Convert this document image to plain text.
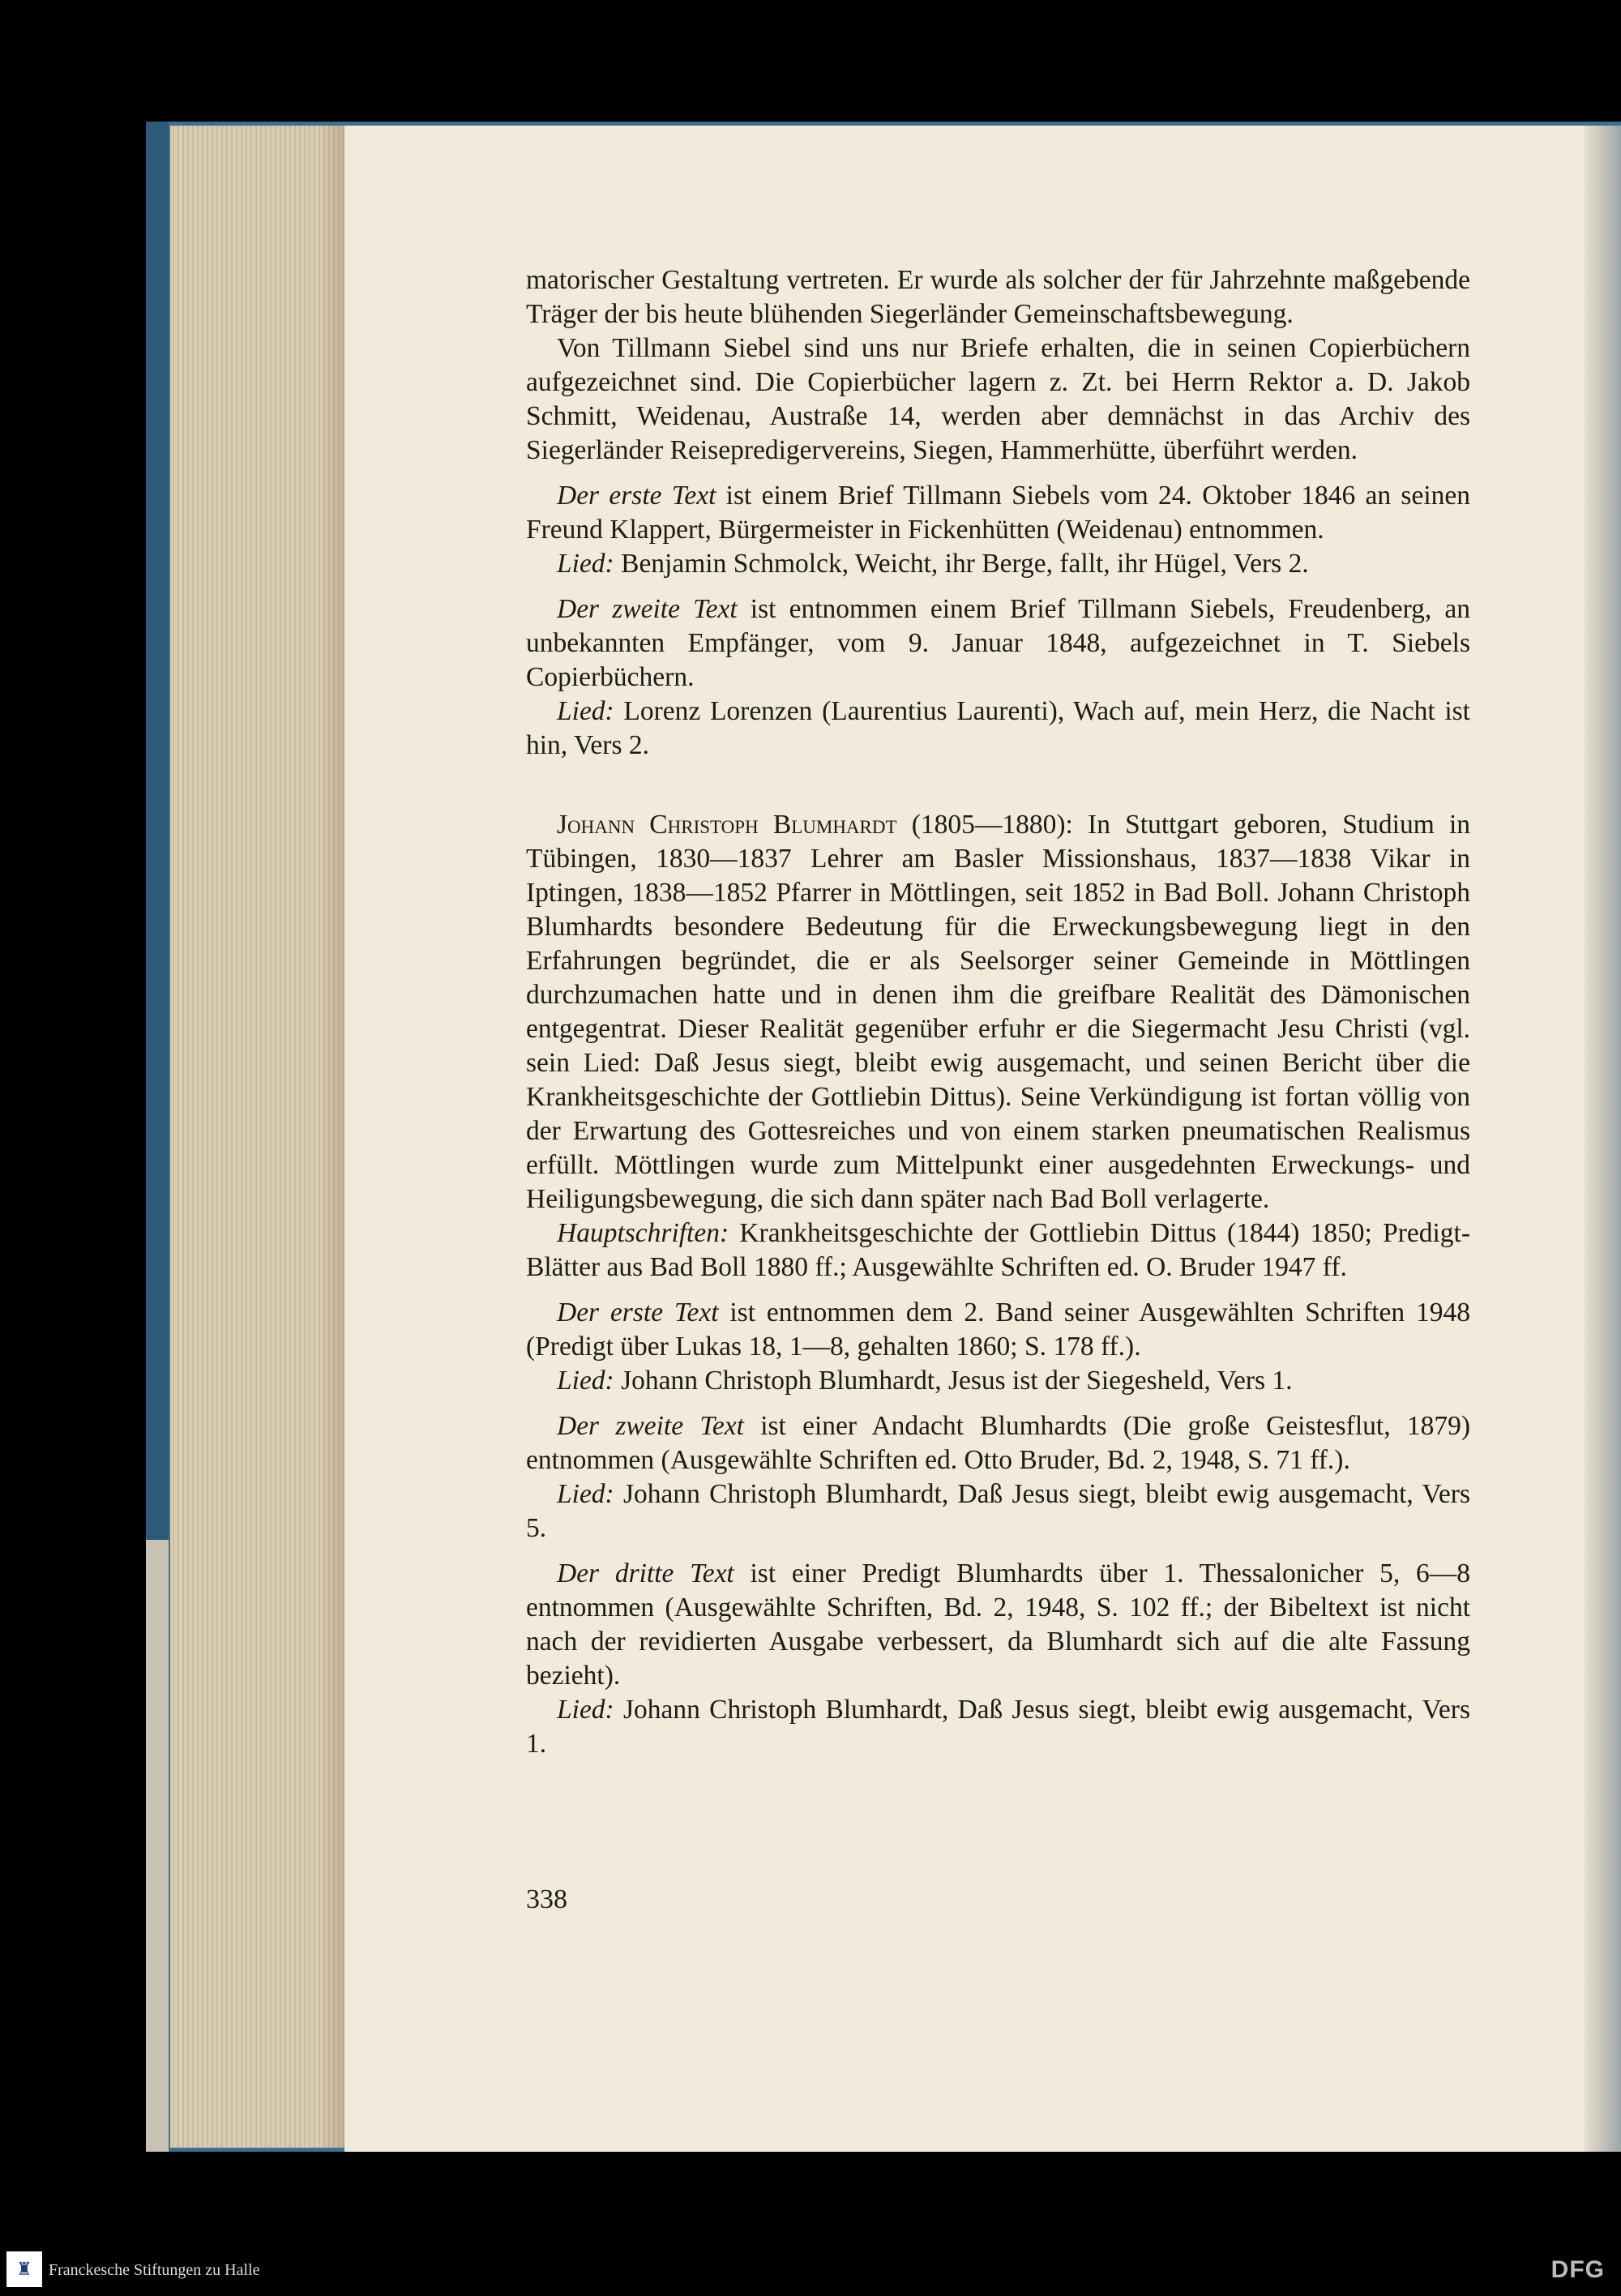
matorischer Gestaltung vertreten. Er wurde als solcher der für Jahrzehnte maßgebende Träger der bis heute blühenden Siegerländer Gemeinschaftsbewegung.

Von Tillmann Siebel sind uns nur Briefe erhalten, die in seinen Copierbüchern aufgezeichnet sind. Die Copierbücher lagern z. Zt. bei Herrn Rektor a. D. Jakob Schmitt, Weidenau, Austraße 14, werden aber demnächst in das Archiv des Siegerländer Reisepredigervereins, Siegen, Hammerhütte, überführt werden.

Der erste Text ist einem Brief Tillmann Siebels vom 24. Oktober 1846 an seinen Freund Klappert, Bürgermeister in Fickenhütten (Weidenau) entnommen.

Lied: Benjamin Schmolck, Weicht, ihr Berge, fallt, ihr Hügel, Vers 2.

Der zweite Text ist entnommen einem Brief Tillmann Siebels, Freudenberg, an unbekannten Empfänger, vom 9. Januar 1848, aufgezeichnet in T. Siebels Copierbüchern.

Lied: Lorenz Lorenzen (Laurentius Laurenti), Wach auf, mein Herz, die Nacht ist hin, Vers 2.

Johann Christoph Blumhardt (1805—1880): In Stuttgart geboren, Studium in Tübingen, 1830—1837 Lehrer am Basler Missionshaus, 1837—1838 Vikar in Iptingen, 1838—1852 Pfarrer in Möttlingen, seit 1852 in Bad Boll. Johann Christoph Blumhardts besondere Bedeutung für die Erweckungsbewegung liegt in den Erfahrungen begründet, die er als Seelsorger seiner Gemeinde in Möttlingen durchzumachen hatte und in denen ihm die greifbare Realität des Dämonischen entgegentrat. Dieser Realität gegenüber erfuhr er die Siegermacht Jesu Christi (vgl. sein Lied: Daß Jesus siegt, bleibt ewig ausgemacht, und seinen Bericht über die Krankheitsgeschichte der Gottliebin Dittus). Seine Verkündigung ist fortan völlig von der Erwartung des Gottesreiches und von einem starken pneumatischen Realismus erfüllt. Möttlingen wurde zum Mittelpunkt einer ausgedehnten Erweckungs- und Heiligungsbewegung, die sich dann später nach Bad Boll verlagerte.

Hauptschriften: Krankheitsgeschichte der Gottliebin Dittus (1844) 1850; Predigt-Blätter aus Bad Boll 1880 ff.; Ausgewählte Schriften ed. O. Bruder 1947 ff.

Der erste Text ist entnommen dem 2. Band seiner Ausgewählten Schriften 1948 (Predigt über Lukas 18, 1—8, gehalten 1860; S. 178 ff.).

Lied: Johann Christoph Blumhardt, Jesus ist der Siegesheld, Vers 1.

Der zweite Text ist einer Andacht Blumhardts (Die große Geistesflut, 1879) entnommen (Ausgewählte Schriften ed. Otto Bruder, Bd. 2, 1948, S. 71 ff.).

Lied: Johann Christoph Blumhardt, Daß Jesus siegt, bleibt ewig ausgemacht, Vers 5.

Der dritte Text ist einer Predigt Blumhardts über 1. Thessalonicher 5, 6—8 entnommen (Ausgewählte Schriften, Bd. 2, 1948, S. 102 ff.; der Bibeltext ist nicht nach der revidierten Ausgabe verbessert, da Blumhardt sich auf die alte Fassung bezieht).

Lied: Johann Christoph Blumhardt, Daß Jesus siegt, bleibt ewig ausgemacht, Vers 1.

338
♜	Franckesche Stiftungen zu Halle	DFG
